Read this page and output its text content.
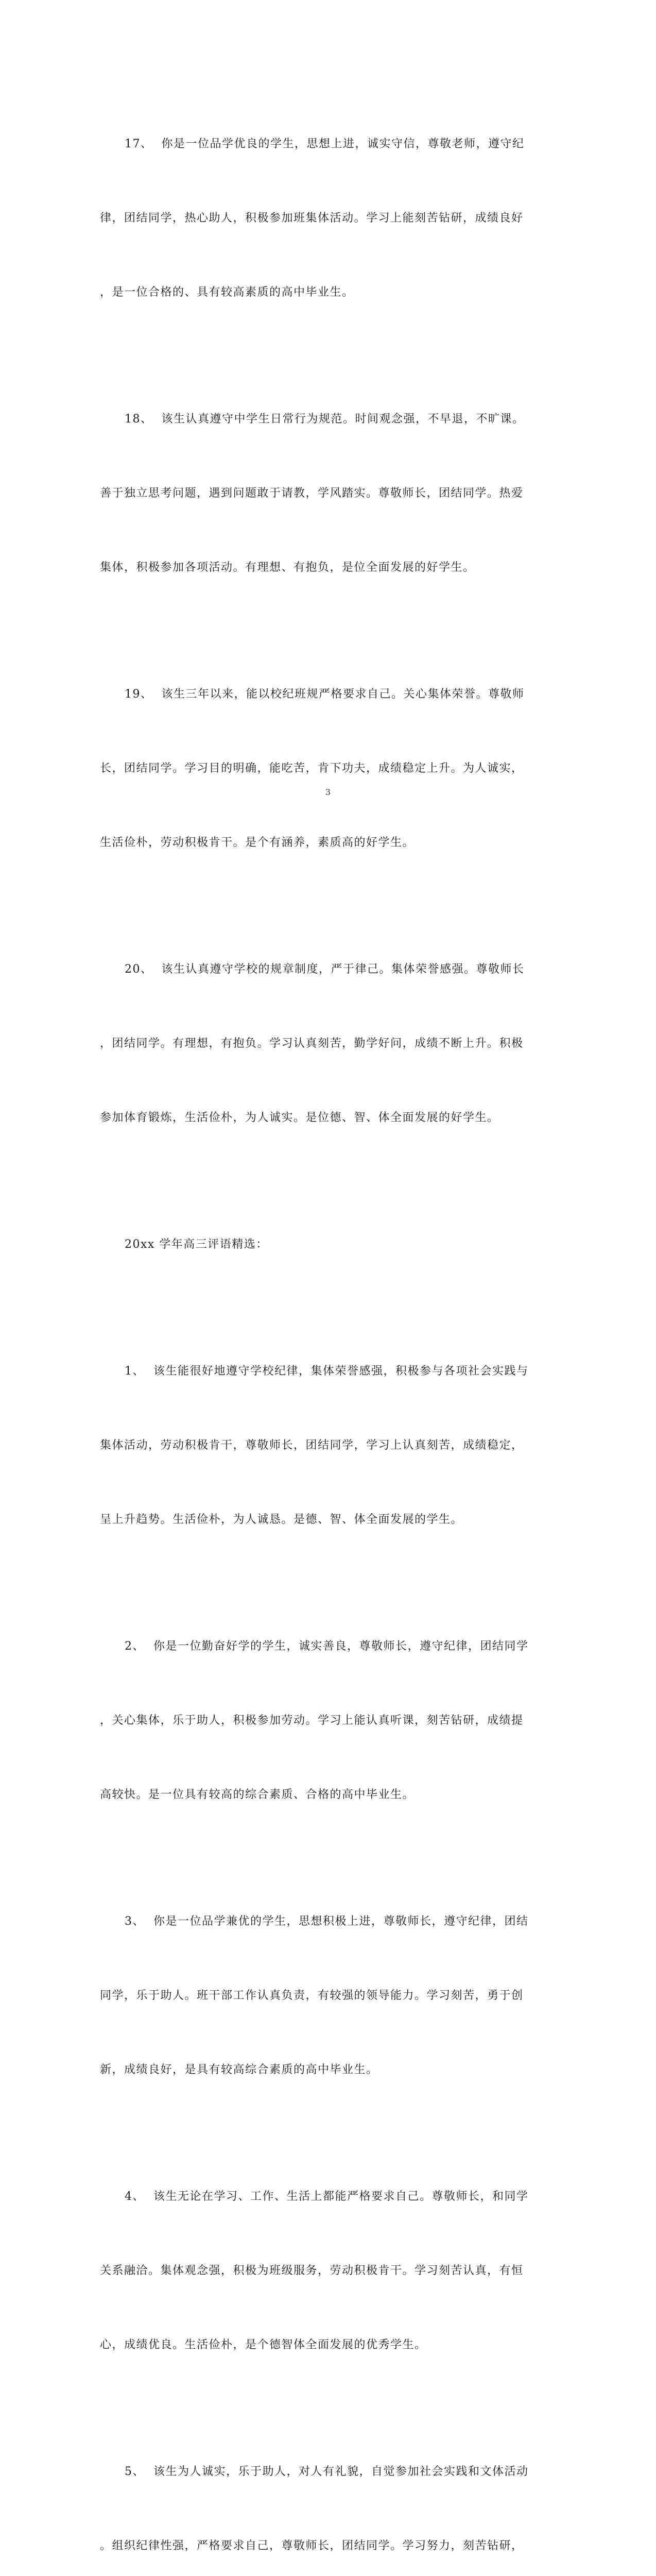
17、  你是一位品学优良的学生，思想上进，诚实守信，尊敬老师，遵守纪

律，团结同学，热心助人，积极参加班集体活动。学习上能刻苦钻研，成绩良好

，是一位合格的、具有较高素质的高中毕业生。

18、  该生认真遵守中学生日常行为规范。时间观念强，不早退，不旷课。

善于独立思考问题，遇到问题敢于请教，学风踏实。尊敬师长，团结同学。热爱

集体，积极参加各项活动。有理想、有抱负，是位全面发展的好学生。

19、  该生三年以来，能以校纪班规严格要求自己。关心集体荣誉。尊敬师

长，团结同学。学习目的明确，能吃苦，肯下功夫，成绩稳定上升。为人诚实，

生活俭朴，劳动积极肯干。是个有涵养，素质高的好学生。

20、  该生认真遵守学校的规章制度，严于律己。集体荣誉感强。尊敬师长

，团结同学。有理想，有抱负。学习认真刻苦，勤学好问，成绩不断上升。积极

参加体育锻炼，生活俭朴，为人诚实。是位德、智、体全面发展的好学生。

20xx 学年高三评语精选：

1、  该生能很好地遵守学校纪律，集体荣誉感强，积极参与各项社会实践与

集体活动，劳动积极肯干，尊敬师长，团结同学，学习上认真刻苦，成绩稳定，

呈上升趋势。生活俭朴，为人诚恳。是德、智、体全面发展的学生。

2、  你是一位勤奋好学的学生，诚实善良，尊敬师长，遵守纪律，团结同学

，关心集体，乐于助人，积极参加劳动。学习上能认真听课，刻苦钻研，成绩提

高较快。是一位具有较高的综合素质、合格的高中毕业生。

3、  你是一位品学兼优的学生，思想积极上进，尊敬师长，遵守纪律，团结

同学，乐于助人。班干部工作认真负责，有较强的领导能力。学习刻苦，勇于创

新，成绩良好，是具有较高综合素质的高中毕业生。

4、  该生无论在学习、工作、生活上都能严格要求自己。尊敬师长，和同学

关系融洽。集体观念强，积极为班级服务，劳动积极肯干。学习刻苦认真，有恒

心，成绩优良。生活俭朴，是个德智体全面发展的优秀学生。

5、  该生为人诚实，乐于助人，对人有礼貌，自觉参加社会实践和文体活动

。组织纪律性强，严格要求自己，尊敬师长，团结同学。学习努力，刻苦钻研，

3
